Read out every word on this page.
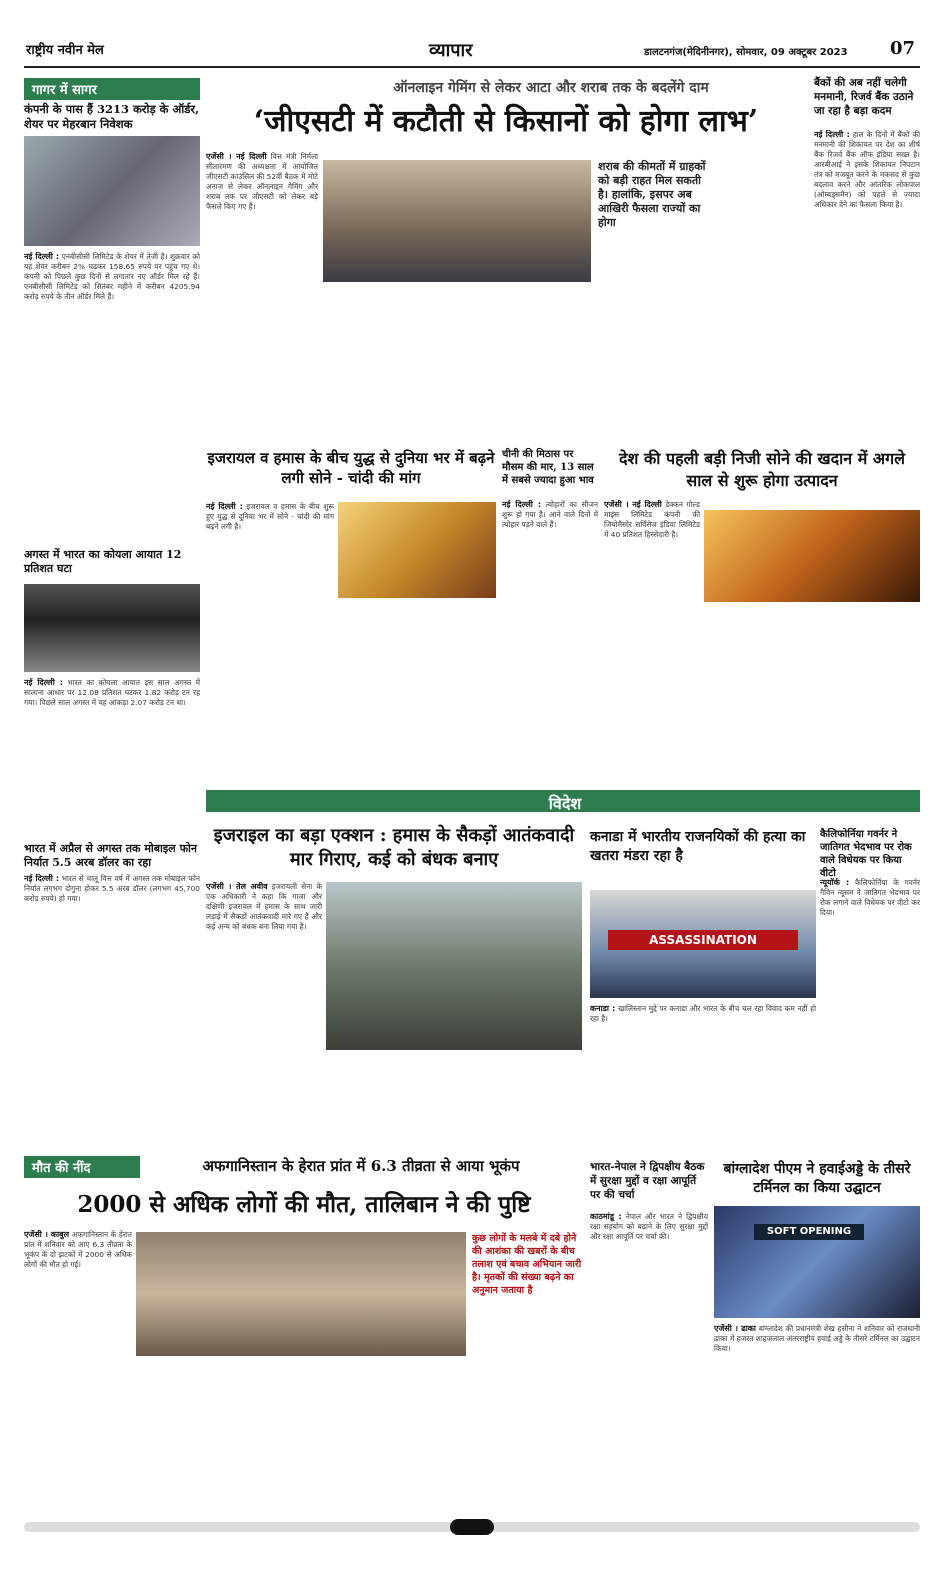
राष्ट्रीय नवीन मेल	व्यापार	डालटनगंज(मेदिनीनगर), सोमवार, 09 अक्टूबर 2023 07
गागर में सागर
कंपनी के पास हैं 3213 करोड़ के ऑर्डर, शेयर पर मेहरबान निवेशक
नई दिल्ली : एनबीसीसी लिमिटेड के शेयर में तेजी है। शुक्रवार को यह शेयर करीबन 2% चढ़कर 158.65 रुपये पर पहुंच गए थे। कंपनी को पिछले कुछ दिनों से लगातार नए ऑर्डर मिल रहे हैं। एनबीसीसी लिमिटेड को सितंबर महीने में करीबन 4205.94 करोड़ रुपये के तीन ऑर्डर मिले हैं।
अगस्त में भारत का कोयला आयात 12 प्रतिशत घटा
नई दिल्ली : भारत का कोयला आयात इस साल अगस्त में सालाना आधार पर 12.08 प्रतिशत घटकर 1.82 करोड़ टन रह गया। पिछले साल अगस्त में यह आंकड़ा 2.07 करोड़ टन था।
भारत में अप्रैल से अगस्त तक मोबाइल फोन निर्यात 5.5 अरब डॉलर का रहा
नई दिल्ली : भारत से चालू वित्त वर्ष में अगस्त तक मोबाइल फोन निर्यात लगभग दोगुना होकर 5.5 अरब डॉलर (लगभग 45,700 करोड़ रुपये) हो गया।
ऑनलाइन गेमिंग से लेकर आटा और शराब तक के बदलेंगे दाम
‘जीएसटी में कटौती से किसानों को होगा लाभ’
एजेंसी । नई दिल्ली वित्त मंत्री निर्मला सीतारमण की अध्यक्षता में आयोजित जीएसटी काउंसिल की 52वीं बैठक में मोटे अनाज से लेकर ऑनलाइन गेमिंग और शराब तक पर जीएसटी को लेकर बड़े फैसले किए गए हैं।
शराब की कीमतों में ग्राहकों को बड़ी राहत मिल सकती है। हालांकि, इसपर अब आखिरी फैसला राज्यों का होगा
बैंकों की अब नहीं चलेगी मनमानी, रिजर्व बैंक उठाने जा रहा है बड़ा कदम
नई दिल्ली : हाल के दिनों में बैंकों की मनमानी की शिकायत पर देश का शीर्ष बैंक रिजर्व बैंक ऑफ इंडिया सख्त है। आरबीआई ने इसके शिकायत निपटान तंत्र को मजबूत करने के मकसद से कुछ बदलाव करने और आंतरिक लोकपाल (ओम्बड्समैन) को पहले से ज्यादा अधिकार देने का फैसला किया है।
इजरायल व हमास के बीच युद्ध से दुनिया भर में बढ़ने लगी सोने - चांदी की मांग
नई दिल्ली : इजरायल व हमास के बीच शुरू हुए युद्ध से दुनिया भर में सोने - चांदी की मांग बढ़ने लगी है।
चीनी की मिठास पर मौसम की मार, 13 साल में सबसे ज्यादा हुआ भाव
नई दिल्ली : त्योहारों का सीजन शुरू हो गया है। आने वाले दिनों में त्योहार पड़ने वाले हैं।
देश की पहली बड़ी निजी सोने की खदान में अगले साल से शुरू होगा उत्पादन
एजेंसी । नई दिल्ली डेक्कन गोल्ड माइंस लिमिटेड कंपनी की जियोमैसोर सर्विसेज इंडिया लिमिटेड में 40 प्रतिशत हिस्सेदारी है।
विदेश
इजराइल का बड़ा एक्शन : हमास के सैकड़ों आतंकवादी मार गिराए, कई को बंधक बनाए
एजेंसी । तेल अवीव इजरायली सेना के एक अधिकारी ने कहा कि गाजा और दक्षिणी इजरायल में हमास के साथ जारी लड़ाई में सैकड़ों आतंकवादी मारे गए हैं और कई अन्य को बंधक बना लिया गया है।
कनाडा में भारतीय राजनयिकों की हत्या का खतरा मंडरा रहा है
ASSASSINATION
कनाडा : खालिस्तान मुद्दे पर कनाडा और भारत के बीच चल रहा विवाद कम नहीं हो रहा है।
कैलिफोर्निया गवर्नर ने जातिगत भेदभाव पर रोक वाले विधेयक पर किया वीटो
न्यूयॉर्क : कैलिफोर्निया के गवर्नर गैविन न्यूसम ने जातिगत भेदभाव पर रोक लगाने वाले विधेयक पर वीटो कर दिया।
मौत की नींद	अफगानिस्तान के हेरात प्रांत में 6.3 तीव्रता से आया भूकंप
2000 से अधिक लोगों की मौत, तालिबान ने की पुष्टि
एजेंसी । काबुल अफगानिस्तान के हेरात प्रांत में शनिवार को आए 6.3 तीव्रता के भूकंप के दो झटकों में 2000 से अधिक लोगों की मौत हो गई।
कुछ लोगों के मलबे में दबे होने की आशंका की खबरों के बीच तलाश एवं बचाव अभियान जारी है। मृतकों की संख्या बढ़ने का अनुमान जताया है
भारत-नेपाल ने द्विपक्षीय बैठक में सुरक्षा मुद्दों व रक्षा आपूर्ति पर की चर्चा
काठमांडू : नेपाल और भारत ने द्विपक्षीय रक्षा सहयोग को बढ़ाने के लिए सुरक्षा मुद्दों और रक्षा आपूर्ति पर चर्चा की।
बांग्लादेश पीएम ने हवाईअड्डे के तीसरे टर्मिनल का किया उद्घाटन
SOFT OPENING
एजेंसी । ढाका बांग्लादेश की प्रधानमंत्री शेख हसीना ने शनिवार को राजधानी ढाका में हजरत शाहजलाल अंतरराष्ट्रीय हवाई अड्डे के तीसरे टर्मिनल का उद्घाटन किया।
